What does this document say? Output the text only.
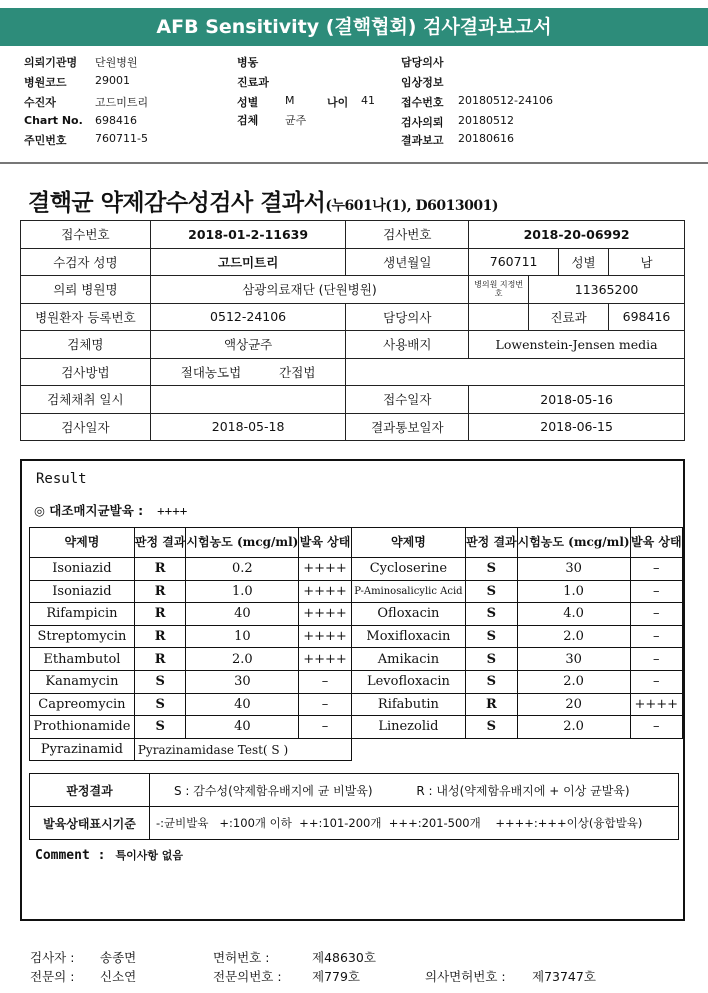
AFB Sensitivity (결핵협회) 검사결과보고서
의뢰기관명 단원병원
병원코드	29001
수진자	고드미트리
Chart No. 698416
주민번호	760711-5
병동
진료과
성별 M	나이 41
검체 균주
담당의사
임상정보
접수번호 20180512-24106
검사의뢰 20180512
결과보고 20180616
결핵균 약제감수성검사 결과서(누601나(1), D6013001)
접수번호	2018-01-2-11639	검사번호	2018-20-06992			
수검자 성명	고드미트리	생년월일	760711		성별	남
의뢰 병원명	삼광의료재단 (단원병원)		병의원 지정번호	11365200		
병원환자 등록번호	0512-24106	담당의사		진료과		698416
검체명	액상균주	사용배지	Lowenstein-Jensen media			
검사방법	절대농도법 간접법					
검체채취 일시		접수일자	2018-05-16			
검사일자	2018-05-18	결과통보일자	2018-06-15			
Result
◎ 대조매지균발육 : ++++
약제명	판정 결과	시험농도 (mcg/ml)	발육 상태	약제명	판정 결과	시험농도 (mcg/ml)	발육 상태
Isoniazid	R	0.2	++++	Cycloserine	S	30	–
Isoniazid	R	1.0	++++	P-Aminosalicylic Acid	S	1.0	–
Rifampicin	R	40	++++	Ofloxacin	S	4.0	–
Streptomycin	R	10	++++	Moxifloxacin	S	2.0	–
Ethambutol	R	2.0	++++	Amikacin	S	30	–
Kanamycin	S	30	–	Levofloxacin	S	2.0	–
Capreomycin	S	40	–	Rifabutin	R	20	++++
Prothionamide	S	40	–	Linezolid	S	2.0	–
Pyrazinamid	Pyrazinamidase Test( S )						
판정결과	S : 감수성(약제함유배지에 균 비발육) R : 내성(약제함유배지에 + 이상 균발육)
발육상태표시기준	-:균비발육   +:100개 이하  ++:101-200개  +++:201-500개    ++++:+++이상(융합발육)
Comment : 특이사항 없음
검사자 : 송종면	면허번호 :	제48630호
전문의 : 신소연	전문의번호 : 제779호	의사면허번호 : 제73747호
